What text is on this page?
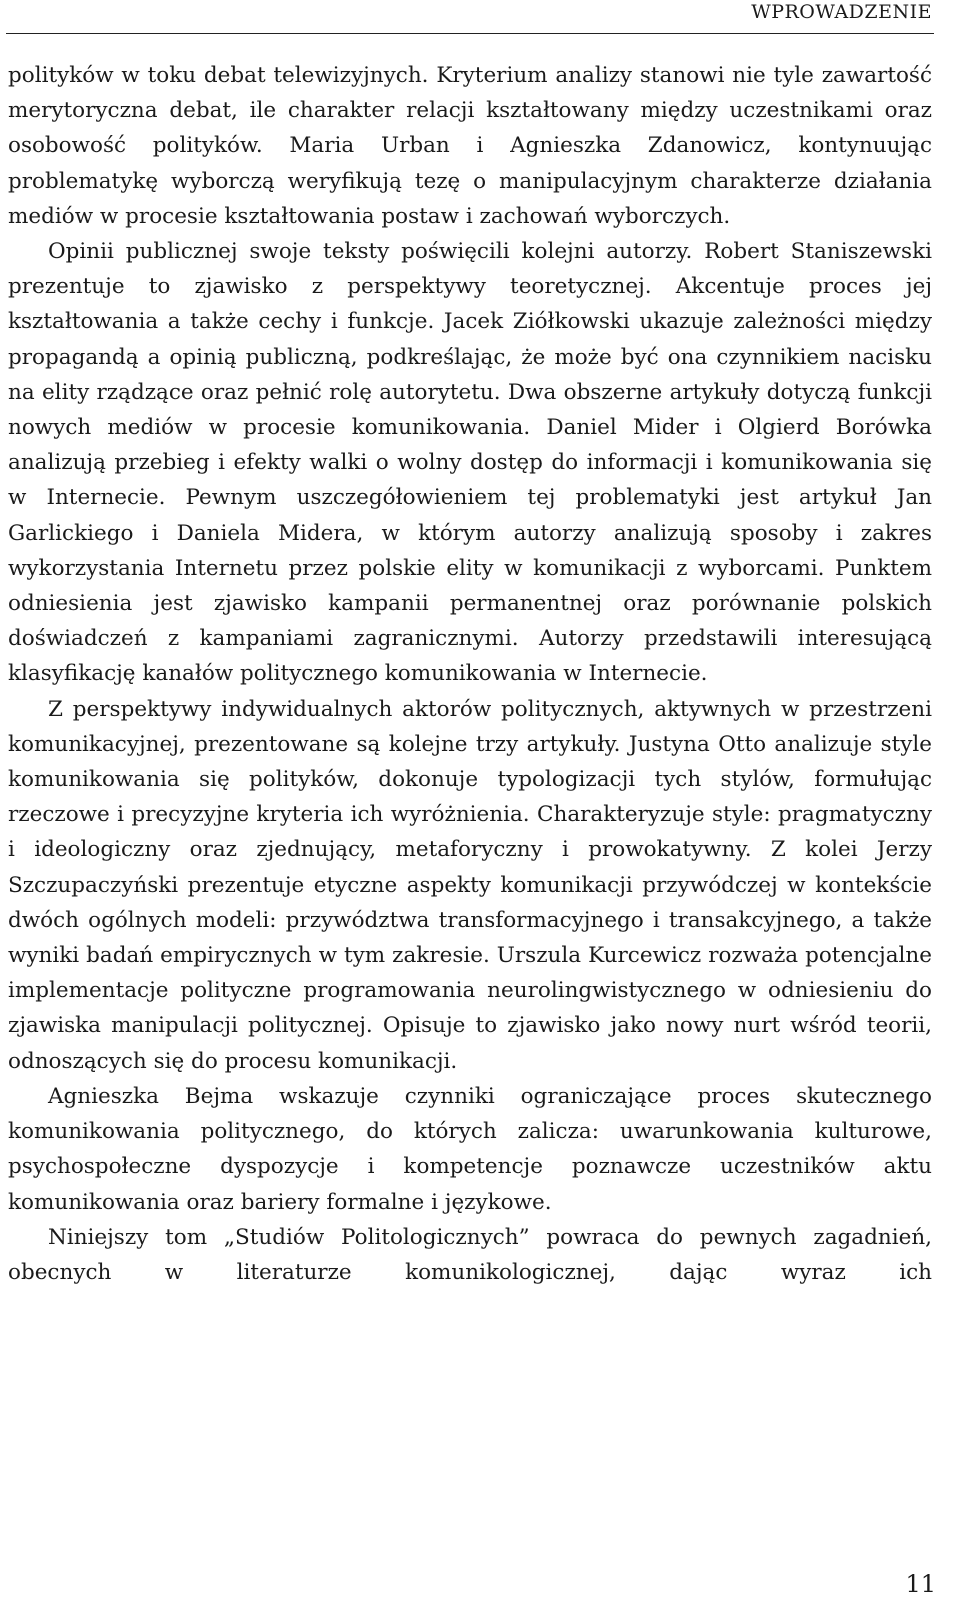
WPROWADZENIE

polityków w toku debat telewizyjnych. Kryterium analizy stanowi nie tyle zawartość merytoryczna debat, ile charakter relacji kształtowany między uczestnikami oraz osobowość polityków. Maria Urban i Agnieszka Zdanowicz, kontynuując problematykę wyborczą weryfikują tezę o manipulacyjnym charakterze działania mediów w procesie kształtowania postaw i zachowań wyborczych.

Opinii publicznej swoje teksty poświęcili kolejni autorzy. Robert Staniszewski prezentuje to zjawisko z perspektywy teoretycznej. Akcentuje proces jej kształtowania a także cechy i funkcje. Jacek Ziółkowski ukazuje zależności między propagandą a opinią publiczną, podkreślając, że może być ona czynnikiem nacisku na elity rządzące oraz pełnić rolę autorytetu. Dwa obszerne artykuły dotyczą funkcji nowych mediów w procesie komunikowania. Daniel Mider i Olgierd Borówka analizują przebieg i efekty walki o wolny dostęp do informacji i komunikowania się w Internecie. Pewnym uszczegółowieniem tej problematyki jest artykuł Jan Garlickiego i Daniela Midera, w którym autorzy analizują sposoby i zakres wykorzystania Internetu przez polskie elity w komunikacji z wyborcami. Punktem odniesienia jest zjawisko kampanii permanentnej oraz porównanie polskich doświadczeń z kampaniami zagranicznymi. Autorzy przedstawili interesującą klasyfikację kanałów politycznego komunikowania w Internecie.

Z perspektywy indywidualnych aktorów politycznych, aktywnych w przestrzeni komunikacyjnej, prezentowane są kolejne trzy artykuły. Justyna Otto analizuje style komunikowania się polityków, dokonuje typologizacji tych stylów, formułując rzeczowe i precyzyjne kryteria ich wyróżnienia. Charakteryzuje style: pragmatyczny i ideologiczny oraz zjednujący, metaforyczny i prowokatywny. Z kolei Jerzy Szczupaczyński prezentuje etyczne aspekty komunikacji przywódczej w kontekście dwóch ogólnych modeli: przywództwa transformacyjnego i transakcyjnego, a także wyniki badań empirycznych w tym zakresie. Urszula Kurcewicz rozważa potencjalne implementacje polityczne programowania neurolingwistycznego w odniesieniu do zjawiska manipulacji politycznej. Opisuje to zjawisko jako nowy nurt wśród teorii, odnoszących się do procesu komunikacji.

Agnieszka Bejma wskazuje czynniki ograniczające proces skutecznego komunikowania politycznego, do których zalicza: uwarunkowania kulturowe, psychospołeczne dyspozycje i kompetencje poznawcze uczestników aktu komunikowania oraz bariery formalne i językowe.

Niniejszy tom „Studiów Politologicznych” powraca do pewnych zagadnień, obecnych w literaturze komunikologicznej, dając wyraz ich

11
